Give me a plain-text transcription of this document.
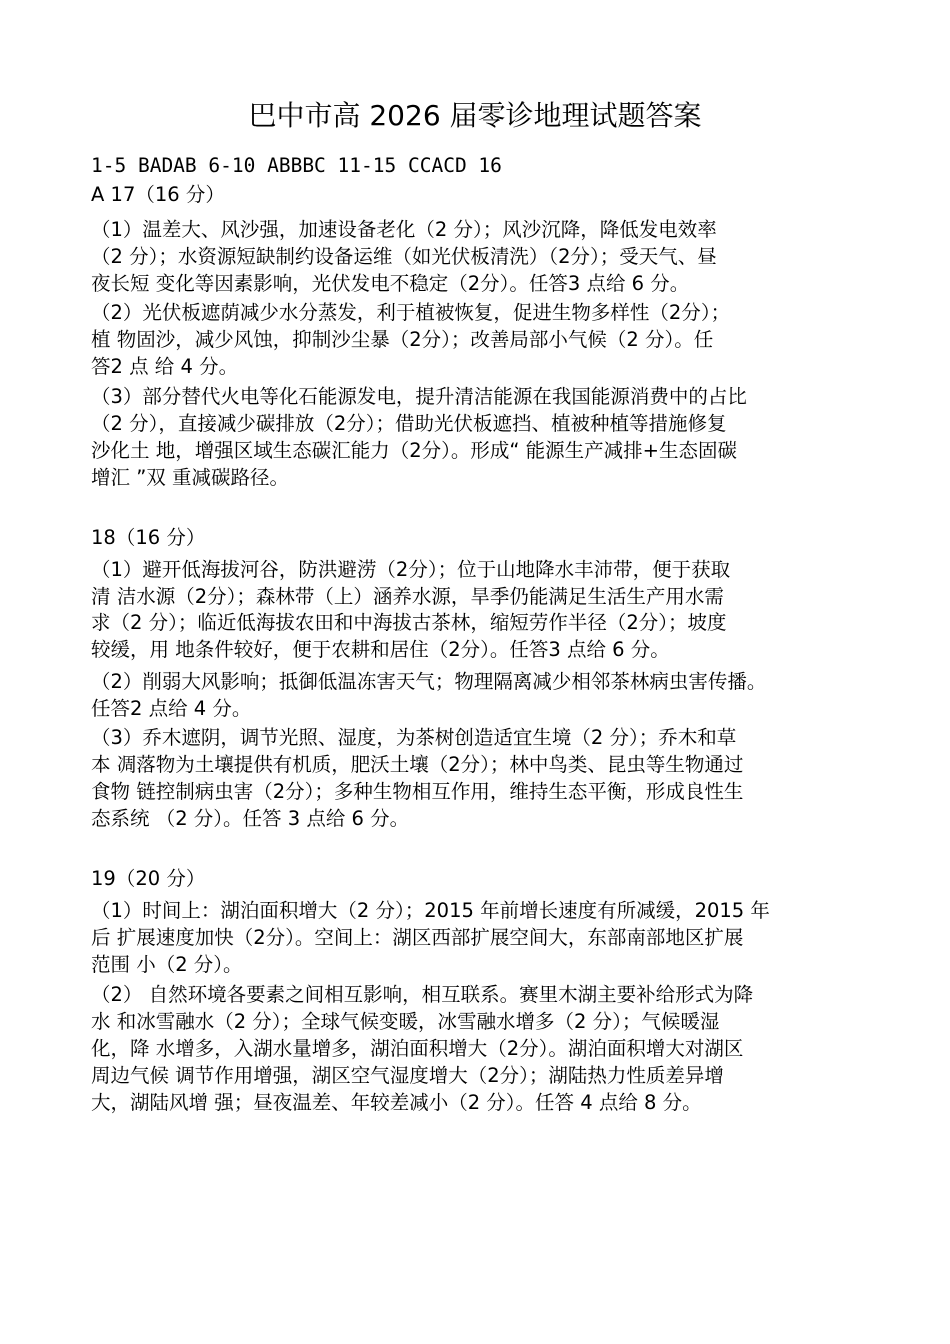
巴中市高 2026 届零诊地理试题答案
1-5 BADAB 6-10 ABBBC 11-15 CCACD 16
A 17（16 分）
（1）温差大、风沙强，加速设备老化（2 分）；风沙沉降，降低发电效率
（2 分）；水资源短缺制约设备运维（如光伏板清洗）（2分）；受天气、昼
夜长短 变化等因素影响，光伏发电不稳定（2分）。任答3 点给 6 分。
（2）光伏板遮荫减少水分蒸发，利于植被恢复，促进生物多样性（2分）；
植 物固沙，减少风蚀，抑制沙尘暴（2分）；改善局部小气候（2 分）。任
答2 点 给 4 分。
（3）部分替代火电等化石能源发电，提升清洁能源在我国能源消费中的占比
（2 分），直接减少碳排放（2分）；借助光伏板遮挡、植被种植等措施修复
沙化土 地，增强区域生态碳汇能力（2分）。形成“ 能源生产减排+生态固碳
增汇 ”双 重减碳路径。
18（16 分）
（1）避开低海拔河谷，防洪避涝（2分）；位于山地降水丰沛带，便于获取
清 洁水源（2分）；森林带（上）涵养水源，旱季仍能满足生活生产用水需
求（2 分）；临近低海拔农田和中海拔古茶林，缩短劳作半径（2分）；坡度
较缓，用 地条件较好，便于农耕和居住（2分）。任答3 点给 6 分。
（2）削弱大风影响；抵御低温冻害天气；物理隔离减少相邻茶林病虫害传播。
任答2 点给 4 分。
（3）乔木遮阴，调节光照、湿度，为茶树创造适宜生境（2 分）；乔木和草
本 凋落物为土壤提供有机质，肥沃土壤（2分）；林中鸟类、昆虫等生物通过
食物 链控制病虫害（2分）；多种生物相互作用，维持生态平衡，形成良性生
态系统 （2 分）。任答 3 点给 6 分。
19（20 分）
（1）时间上：湖泊面积增大（2 分）；2015 年前增长速度有所减缓，2015 年
后 扩展速度加快（2分）。空间上：湖区西部扩展空间大，东部南部地区扩展
范围 小（2 分）。
（2） 自然环境各要素之间相互影响，相互联系。赛里木湖主要补给形式为降
水 和冰雪融水（2 分）；全球气候变暖，冰雪融水增多（2 分）；气候暖湿
化，降 水增多，入湖水量增多，湖泊面积增大（2分）。湖泊面积增大对湖区
周边气候 调节作用增强，湖区空气湿度增大（2分）；湖陆热力性质差异增
大，湖陆风增 强；昼夜温差、年较差减小（2 分）。任答 4 点给 8 分。
